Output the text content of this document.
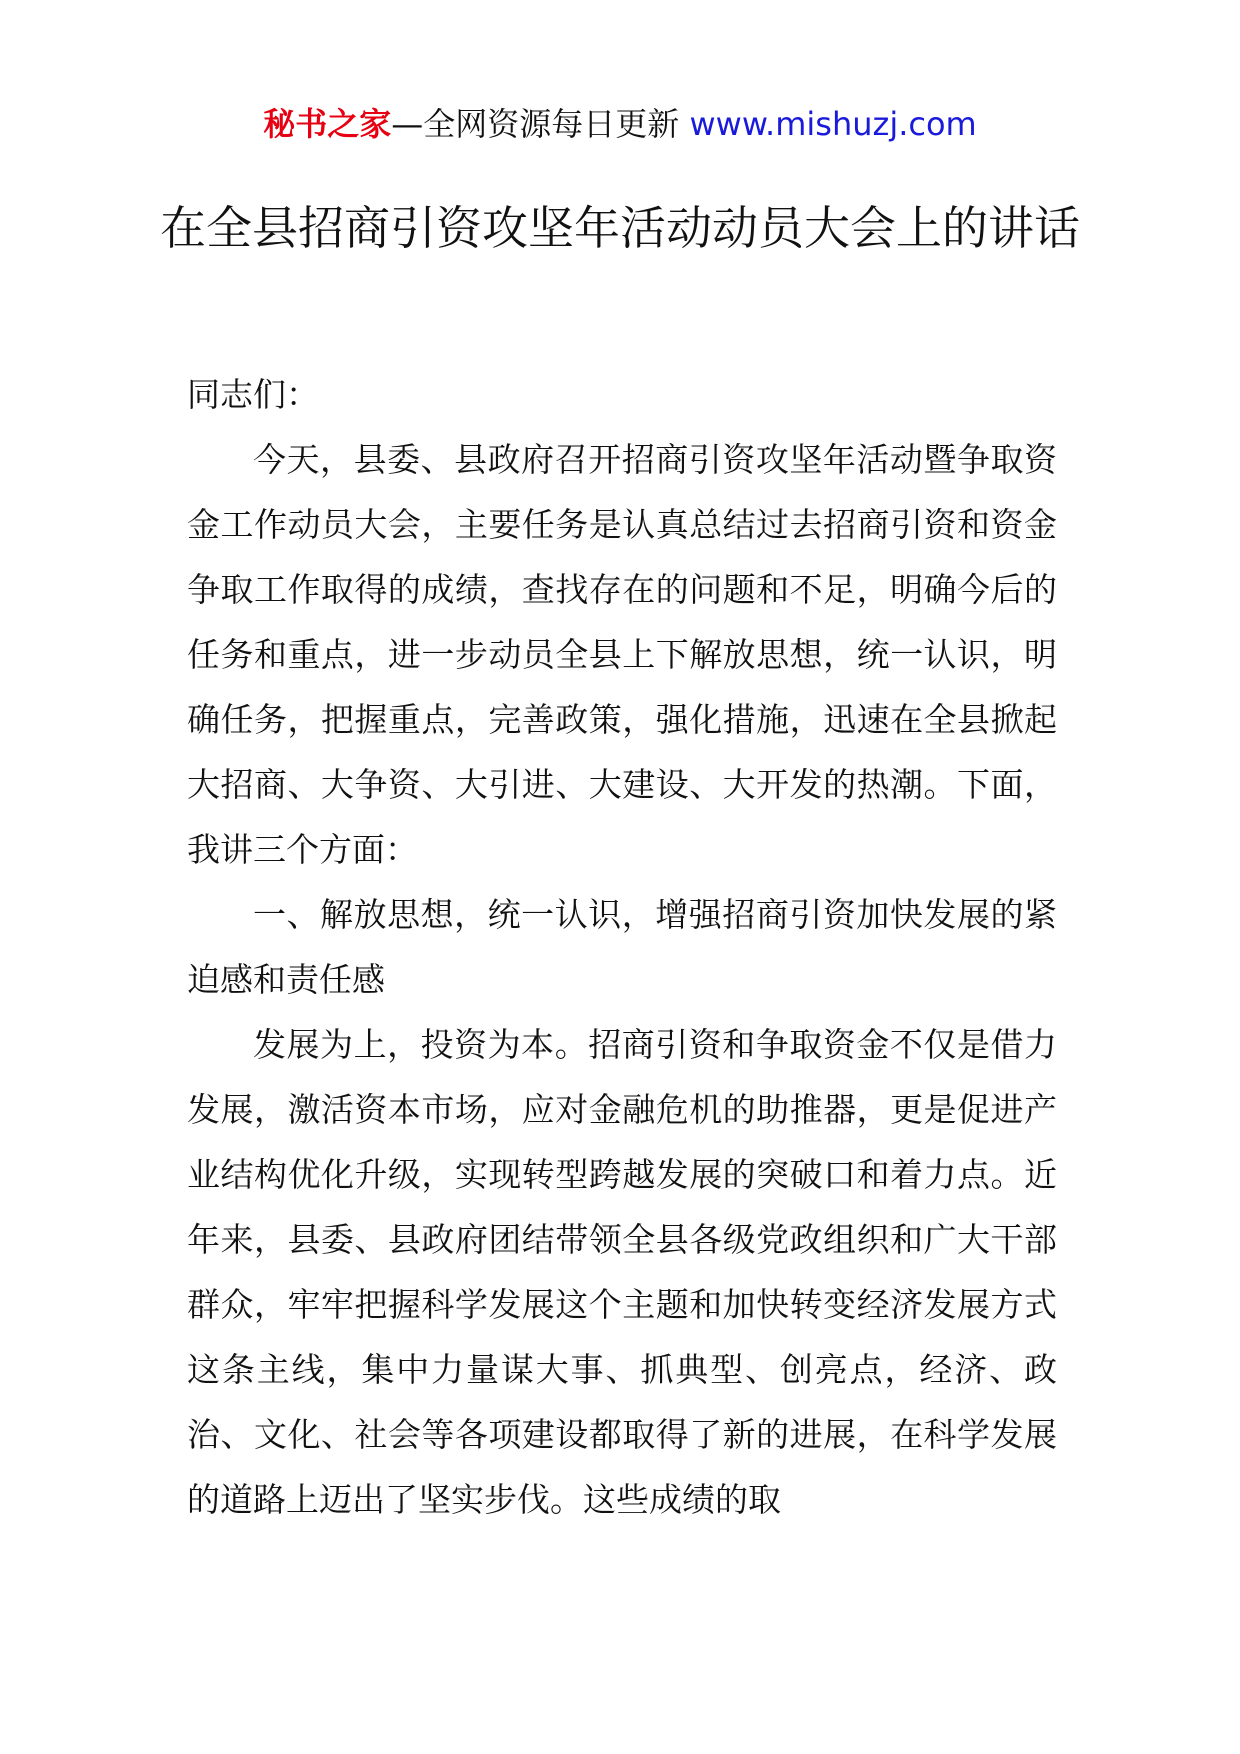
秘书之家—全网资源每日更新 www.mishuzj.com
在全县招商引资攻坚年活动动员大会上的讲话

同志们：

今天，县委、县政府召开招商引资攻坚年活动暨争取资金工作动员大会，主要任务是认真总结过去招商引资和资金争取工作取得的成绩，查找存在的问题和不足，明确今后的任务和重点，进一步动员全县上下解放思想，统一认识，明确任务，把握重点，完善政策，强化措施，迅速在全县掀起大招商、大争资、大引进、大建设、大开发的热潮。下面，我讲三个方面：

一、解放思想，统一认识，增强招商引资加快发展的紧迫感和责任感

发展为上，投资为本。招商引资和争取资金不仅是借力发展，激活资本市场，应对金融危机的助推器，更是促进产业结构优化升级，实现转型跨越发展的突破口和着力点。近年来，县委、县政府团结带领全县各级党政组织和广大干部群众，牢牢把握科学发展这个主题和加快转变经济发展方式这条主线，集中力量谋大事、抓典型、创亮点，经济、政治、文化、社会等各项建设都取得了新的进展，在科学发展的道路上迈出了坚实步伐。这些成绩的取
